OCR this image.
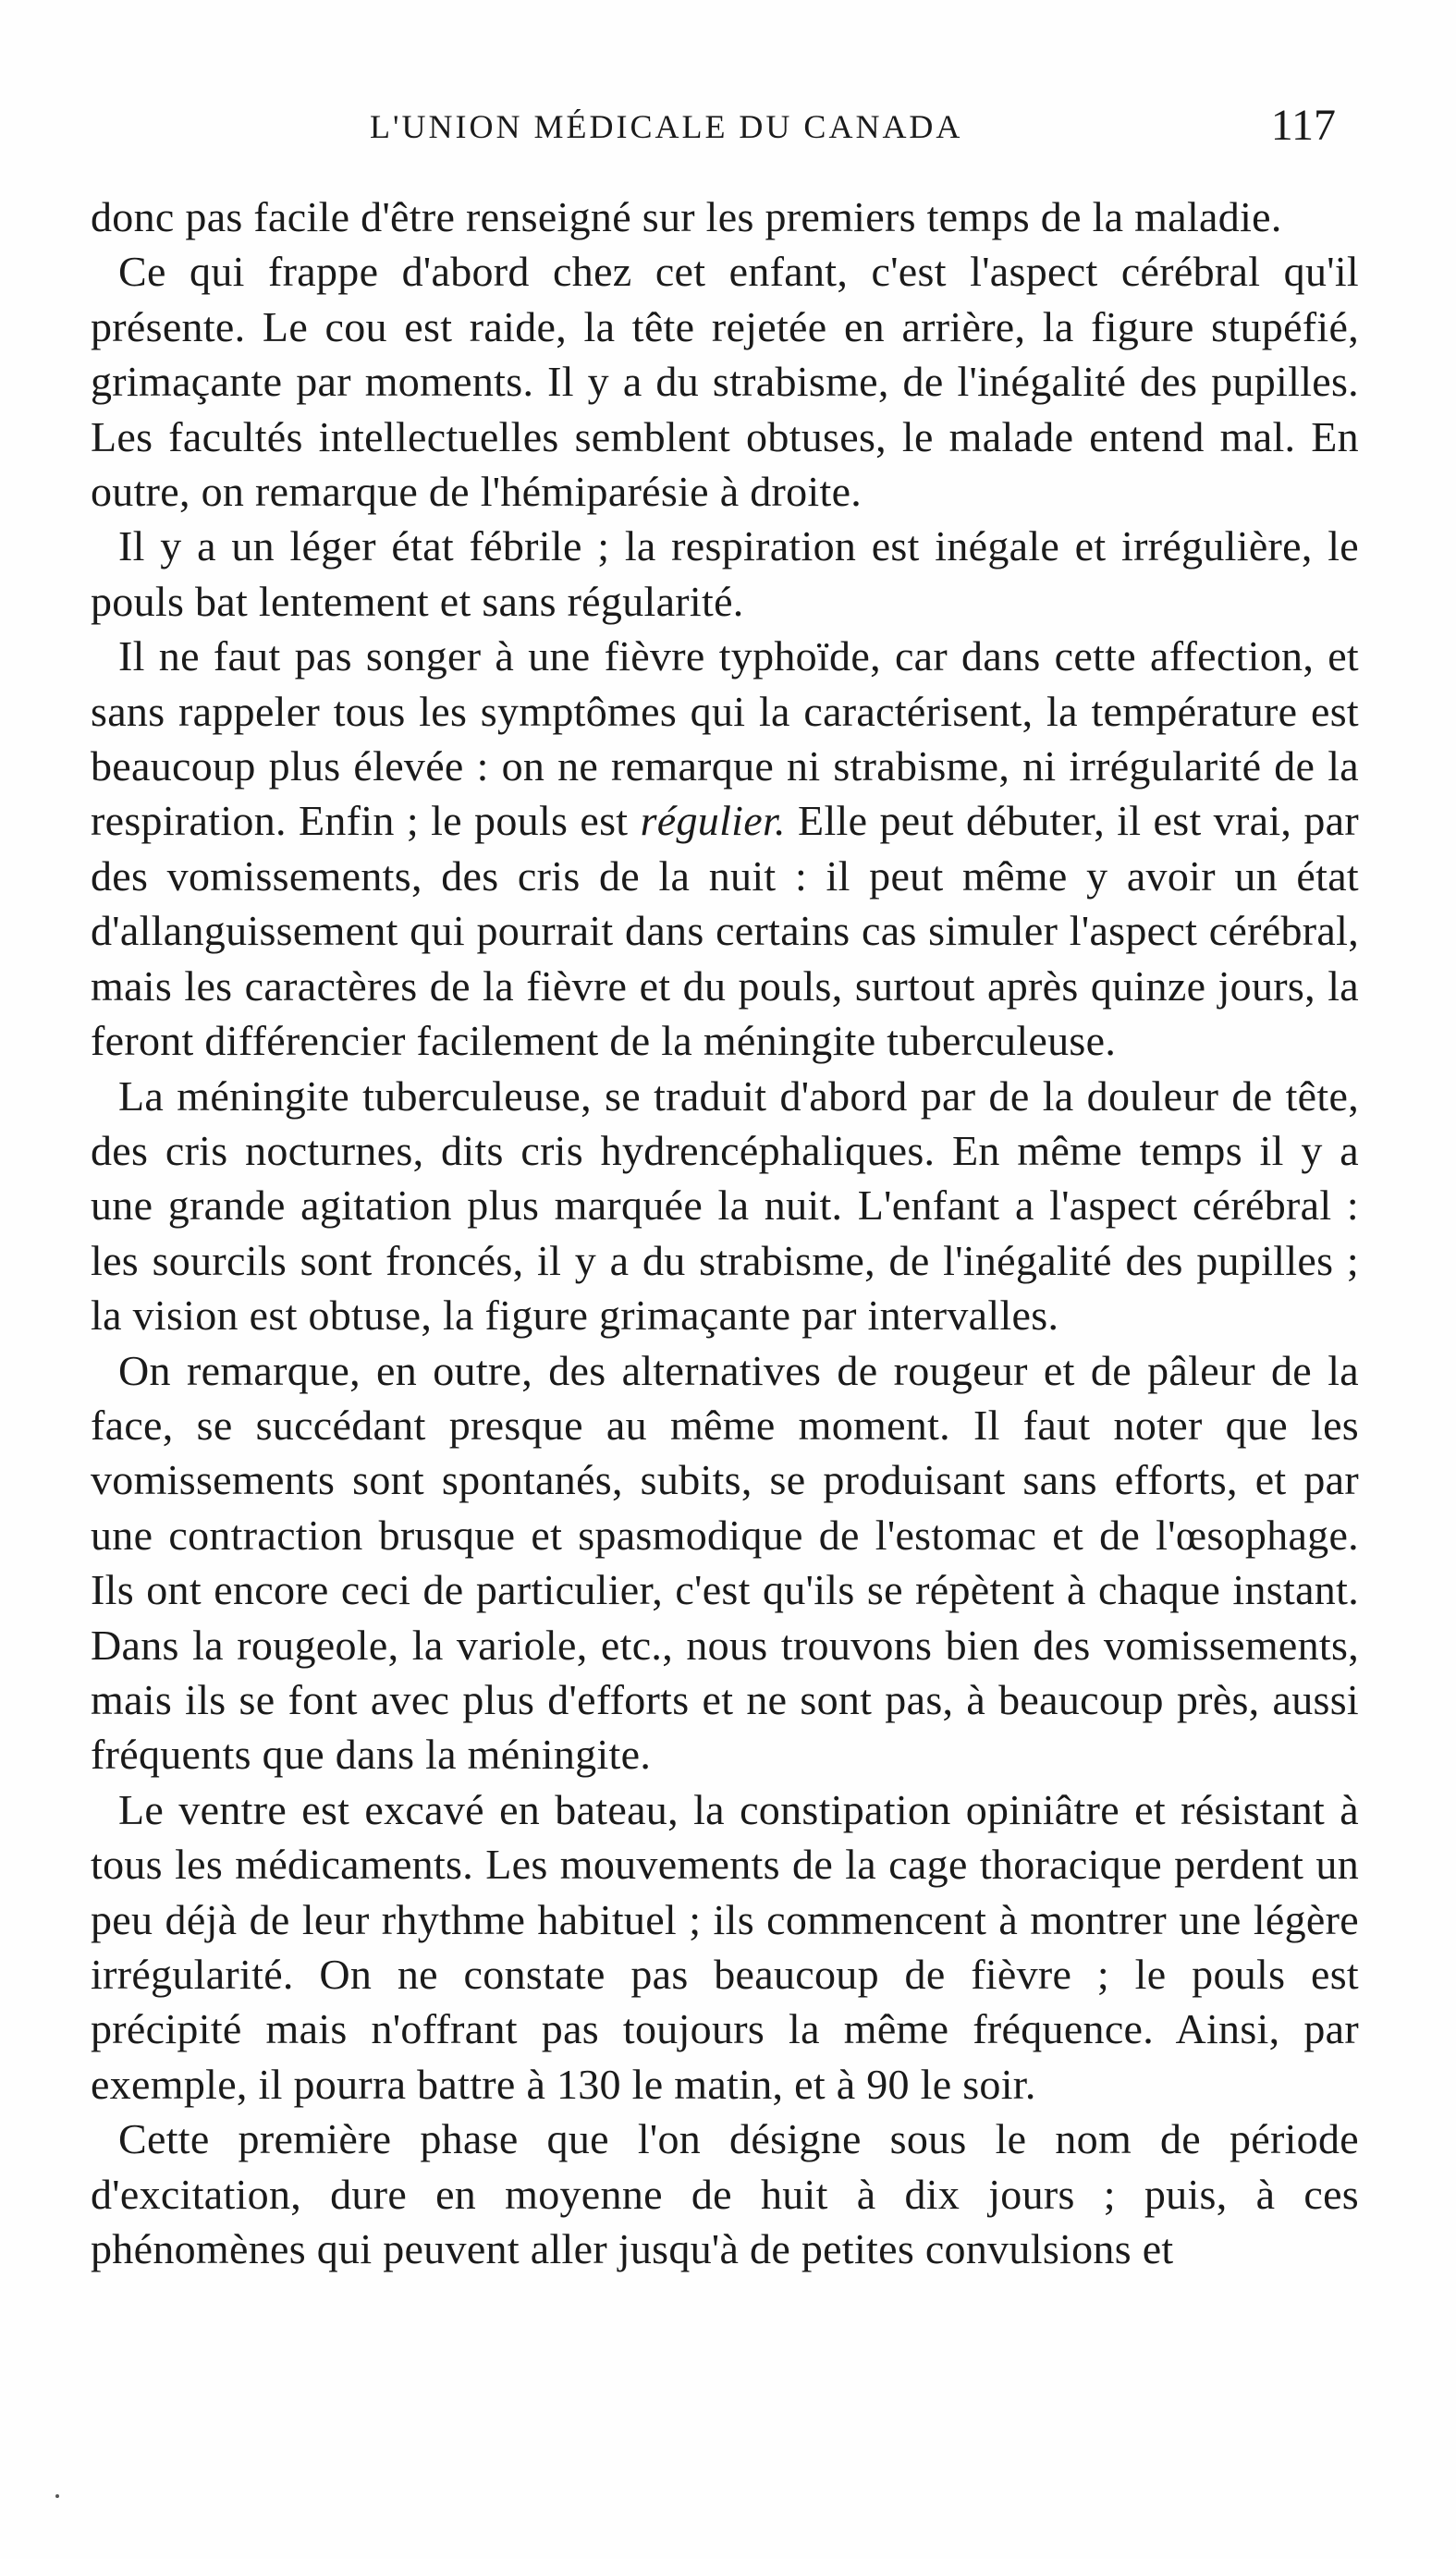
L'UNION MÉDICALE DU CANADA	117

donc pas facile d'être renseigné sur les premiers temps de la maladie.

Ce qui frappe d'abord chez cet enfant, c'est l'aspect cérébral qu'il présente. Le cou est raide, la tête rejetée en arrière, la figure stupéfié, grimaçante par moments. Il y a du strabisme, de l'inégalité des pupilles. Les facultés intellectuelles semblent obtuses, le malade entend mal. En outre, on remarque de l'hémiparésie à droite.

Il y a un léger état fébrile ; la respiration est inégale et irrégulière, le pouls bat lentement et sans régularité.

Il ne faut pas songer à une fièvre typhoïde, car dans cette affection, et sans rappeler tous les symptômes qui la caractérisent, la température est beaucoup plus élevée : on ne remarque ni strabisme, ni irrégularité de la respiration. Enfin ; le pouls est régulier. Elle peut débuter, il est vrai, par des vomissements, des cris de la nuit : il peut même y avoir un état d'allanguissement qui pourrait dans certains cas simuler l'aspect cérébral, mais les caractères de la fièvre et du pouls, surtout après quinze jours, la feront différencier facilement de la méningite tuberculeuse.

La méningite tuberculeuse, se traduit d'abord par de la douleur de tête, des cris nocturnes, dits cris hydrencéphaliques. En même temps il y a une grande agitation plus marquée la nuit. L'enfant a l'aspect cérébral : les sourcils sont froncés, il y a du strabisme, de l'inégalité des pupilles ; la vision est obtuse, la figure grimaçante par intervalles.

On remarque, en outre, des alternatives de rougeur et de pâleur de la face, se succédant presque au même moment. Il faut noter que les vomissements sont spontanés, subits, se produisant sans efforts, et par une contraction brusque et spasmodique de l'estomac et de l'œsophage. Ils ont encore ceci de particulier, c'est qu'ils se répètent à chaque instant. Dans la rougeole, la variole, etc., nous trouvons bien des vomissements, mais ils se font avec plus d'efforts et ne sont pas, à beaucoup près, aussi fréquents que dans la méningite.

Le ventre est excavé en bateau, la constipation opiniâtre et résistant à tous les médicaments. Les mouvements de la cage thoracique perdent un peu déjà de leur rhythme habituel ; ils commencent à montrer une légère irrégularité. On ne constate pas beaucoup de fièvre ; le pouls est précipité mais n'offrant pas toujours la même fréquence. Ainsi, par exemple, il pourra battre à 130 le matin, et à 90 le soir.

Cette première phase que l'on désigne sous le nom de période d'excitation, dure en moyenne de huit à dix jours ; puis, à ces phénomènes qui peuvent aller jusqu'à de petites convulsions et
